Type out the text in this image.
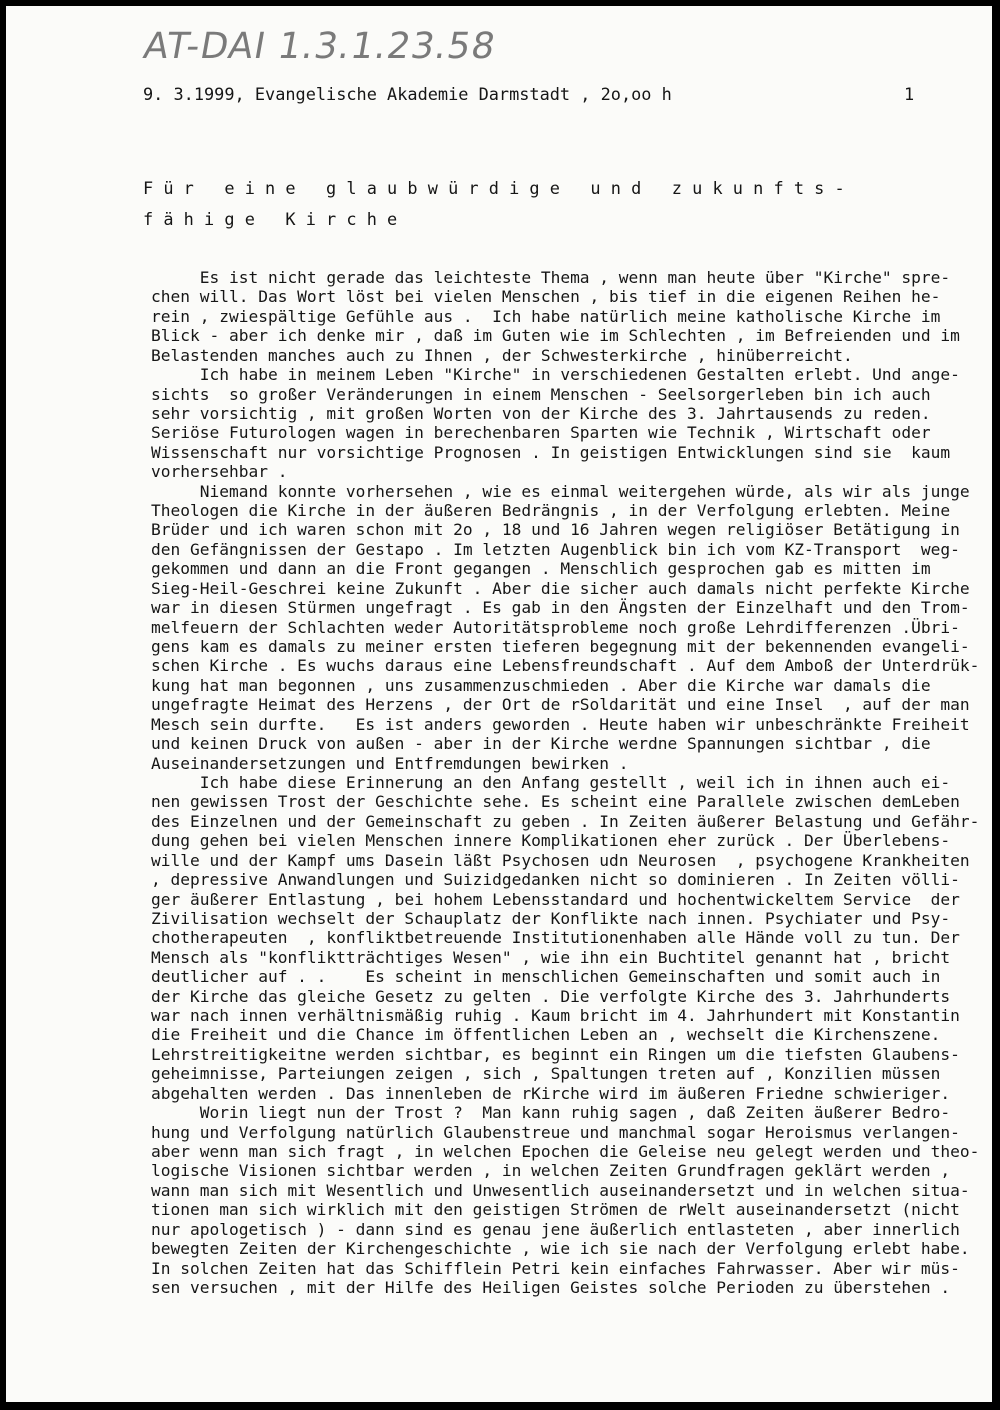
AT-DAI 1.3.1.23.58
9. 3.1999, Evangelische Akademie Darmstadt , 2o,oo h	1
F ü r   e i n e   g l a u b w ü r d i g e   u n d   z u k u n f t s -
f ä h i g e   K i r c h e
Es ist nicht gerade das leichteste Thema , wenn man heute über "Kirche" spre-
chen will. Das Wort löst bei vielen Menschen , bis tief in die eigenen Reihen he-
rein , zwiespältige Gefühle aus .  Ich habe natürlich meine katholische Kirche im
Blick - aber ich denke mir , daß im Guten wie im Schlechten , im Befreienden und im
Belastenden manches auch zu Ihnen , der Schwesterkirche , hinüberreicht.
Ich habe in meinem Leben "Kirche" in verschiedenen Gestalten erlebt. Und ange-
sichts  so großer Veränderungen in einem Menschen - Seelsorgerleben bin ich auch
sehr vorsichtig , mit großen Worten von der Kirche des 3. Jahrtausends zu reden.
Seriöse Futurologen wagen in berechenbaren Sparten wie Technik , Wirtschaft oder
Wissenschaft nur vorsichtige Prognosen . In geistigen Entwicklungen sind sie  kaum
vorhersehbar .
Niemand konnte vorhersehen , wie es einmal weitergehen würde, als wir als junge
Theologen die Kirche in der äußeren Bedrängnis , in der Verfolgung erlebten. Meine
Brüder und ich waren schon mit 2o , 18 und 16 Jahren wegen religiöser Betätigung in
den Gefängnissen der Gestapo . Im letzten Augenblick bin ich vom KZ-Transport  weg-
gekommen und dann an die Front gegangen . Menschlich gesprochen gab es mitten im
Sieg-Heil-Geschrei keine Zukunft . Aber die sicher auch damals nicht perfekte Kirche
war in diesen Stürmen ungefragt . Es gab in den Ängsten der Einzelhaft und den Trom-
melfeuern der Schlachten weder Autoritätsprobleme noch große Lehrdifferenzen .Übri-
gens kam es damals zu meiner ersten tieferen begegnung mit der bekennenden evangeli-
schen Kirche . Es wuchs daraus eine Lebensfreundschaft . Auf dem Amboß der Unterdrük-
kung hat man begonnen , uns zusammenzuschmieden . Aber die Kirche war damals die
ungefragte Heimat des Herzens , der Ort de rSoldarität und eine Insel  , auf der man
Mesch sein durfte.   Es ist anders geworden . Heute haben wir unbeschränkte Freiheit
und keinen Druck von außen - aber in der Kirche werdne Spannungen sichtbar , die
Auseinandersetzungen und Entfremdungen bewirken .
Ich habe diese Erinnerung an den Anfang gestellt , weil ich in ihnen auch ei-
nen gewissen Trost der Geschichte sehe. Es scheint eine Parallele zwischen demLeben
des Einzelnen und der Gemeinschaft zu geben . In Zeiten äußerer Belastung und Gefähr-
dung gehen bei vielen Menschen innere Komplikationen eher zurück . Der Überlebens-
wille und der Kampf ums Dasein läßt Psychosen udn Neurosen  , psychogene Krankheiten
, depressive Anwandlungen und Suizidgedanken nicht so dominieren . In Zeiten völli-
ger äußerer Entlastung , bei hohem Lebensstandard und hochentwickeltem Service  der
Zivilisation wechselt der Schauplatz der Konflikte nach innen. Psychiater und Psy-
chotherapeuten  , konfliktbetreuende Institutionenhaben alle Hände voll zu tun. Der
Mensch als "konfliktträchtiges Wesen" , wie ihn ein Buchtitel genannt hat , bricht
deutlicher auf . .    Es scheint in menschlichen Gemeinschaften und somit auch in
der Kirche das gleiche Gesetz zu gelten . Die verfolgte Kirche des 3. Jahrhunderts
war nach innen verhältnismäßig ruhig . Kaum bricht im 4. Jahrhundert mit Konstantin
die Freiheit und die Chance im öffentlichen Leben an , wechselt die Kirchenszene.
Lehrstreitigkeitne werden sichtbar, es beginnt ein Ringen um die tiefsten Glaubens-
geheimnisse, Parteiungen zeigen , sich , Spaltungen treten auf , Konzilien müssen
abgehalten werden . Das innenleben de rKirche wird im äußeren Friedne schwieriger.
Worin liegt nun der Trost ?  Man kann ruhig sagen , daß Zeiten äußerer Bedro-
hung und Verfolgung natürlich Glaubenstreue und manchmal sogar Heroismus verlangen-
aber wenn man sich fragt , in welchen Epochen die Geleise neu gelegt werden und theo-
logische Visionen sichtbar werden , in welchen Zeiten Grundfragen geklärt werden ,
wann man sich mit Wesentlich und Unwesentlich auseinandersetzt und in welchen situa-
tionen man sich wirklich mit den geistigen Strömen de rWelt auseinandersetzt (nicht
nur apologetisch ) - dann sind es genau jene äußerlich entlasteten , aber innerlich
bewegten Zeiten der Kirchengeschichte , wie ich sie nach der Verfolgung erlebt habe.
In solchen Zeiten hat das Schifflein Petri kein einfaches Fahrwasser. Aber wir müs-
sen versuchen , mit der Hilfe des Heiligen Geistes solche Perioden zu überstehen .
